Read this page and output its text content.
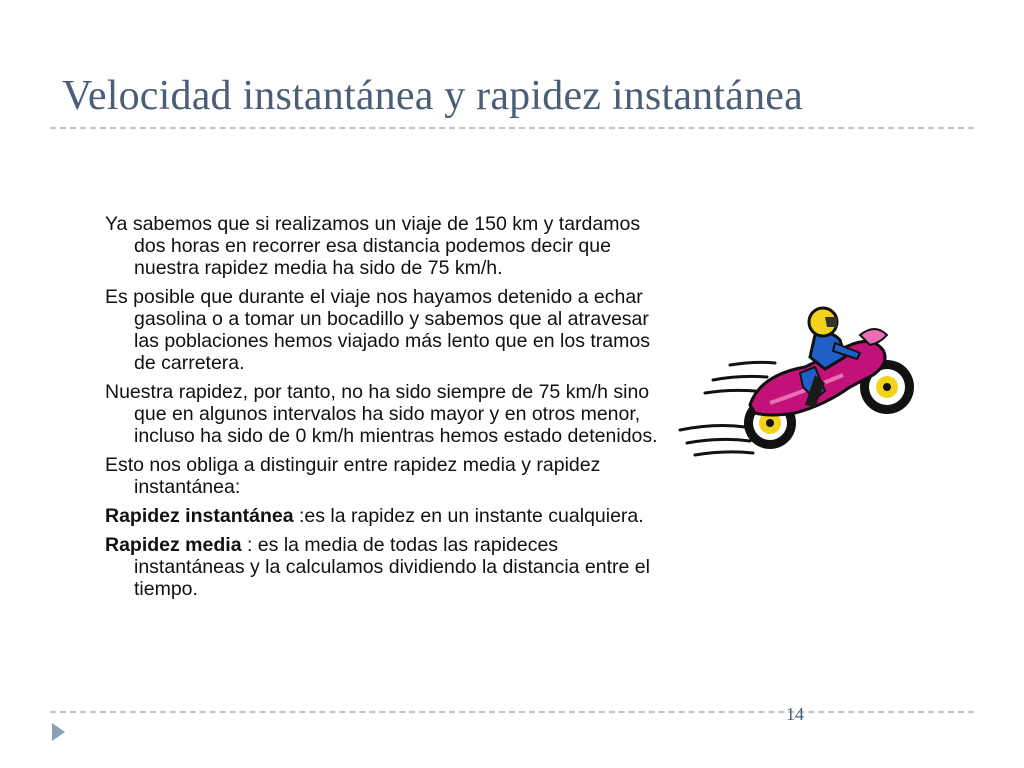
Velocidad instantánea y rapidez instantánea
Ya sabemos que si realizamos un viaje de 150 km y tardamos dos horas en recorrer esa distancia podemos decir que nuestra rapidez media ha sido de 75 km/h.
Es posible que durante el viaje nos hayamos detenido a echar gasolina o a tomar un bocadillo y sabemos que al atravesar las poblaciones hemos viajado más lento que en los tramos de carretera.
Nuestra rapidez, por tanto, no ha sido siempre de 75 km/h sino que en algunos intervalos ha sido mayor y en otros menor, incluso ha sido de 0 km/h mientras hemos estado detenidos.
Esto nos obliga a distinguir entre rapidez media y rapidez instantánea:
Rapidez instantánea :es la rapidez en un instante cualquiera.
Rapidez media : es la media de todas las rapideces instantáneas y la calculamos dividiendo la distancia entre el tiempo.
14
